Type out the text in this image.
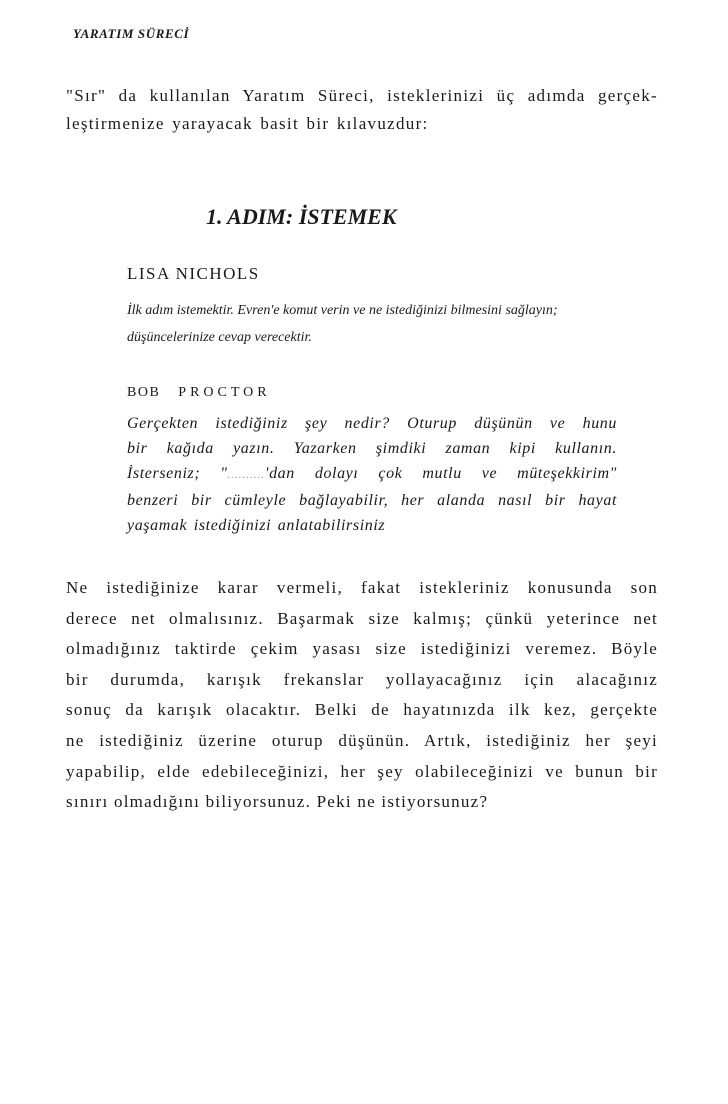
YARATIM SÜRECİ
"Sır" da kullanılan Yaratım Süreci, isteklerinizi üç adımda gerçek-
leştirmenize yarayacak basit bir kılavuzdur:
1. ADIM: İSTEMEK
LISA NICHOLS
İlk adım istemektir. Evren'e komut verin ve ne istediğinizi bilmesini sağlayın; düşüncelerinize cevap verecektir.
BOB PROCTOR
Gerçekten istediğiniz şey nedir? Oturup düşünün ve hunu
bir kağıda yazın. Yazarken şimdiki zaman kipi kullanın.
İsterseniz; "..........'dan dolayı çok mutlu ve müteşekkirim"
benzeri bir cümleyle bağlayabilir, her alanda nasıl bir hayat
yaşamak istediğinizi anlatabilirsiniz
Ne istediğinize karar vermeli, fakat istekleriniz konusunda son
derece net olmalısınız. Başarmak size kalmış; çünkü yeterince net
olmadığınız taktirde çekim yasası size istediğinizi veremez. Böyle
bir durumda, karışık frekanslar yollayacağınız için alacağınız
sonuç da karışık olacaktır. Belki de hayatınızda ilk kez, gerçekte
ne istediğiniz üzerine oturup düşünün. Artık, istediğiniz her şeyi
yapabilip, elde edebileceğinizi, her şey olabileceğinizi ve bunun bir
sınırı olmadığını biliyorsunuz. Peki ne istiyorsunuz?
